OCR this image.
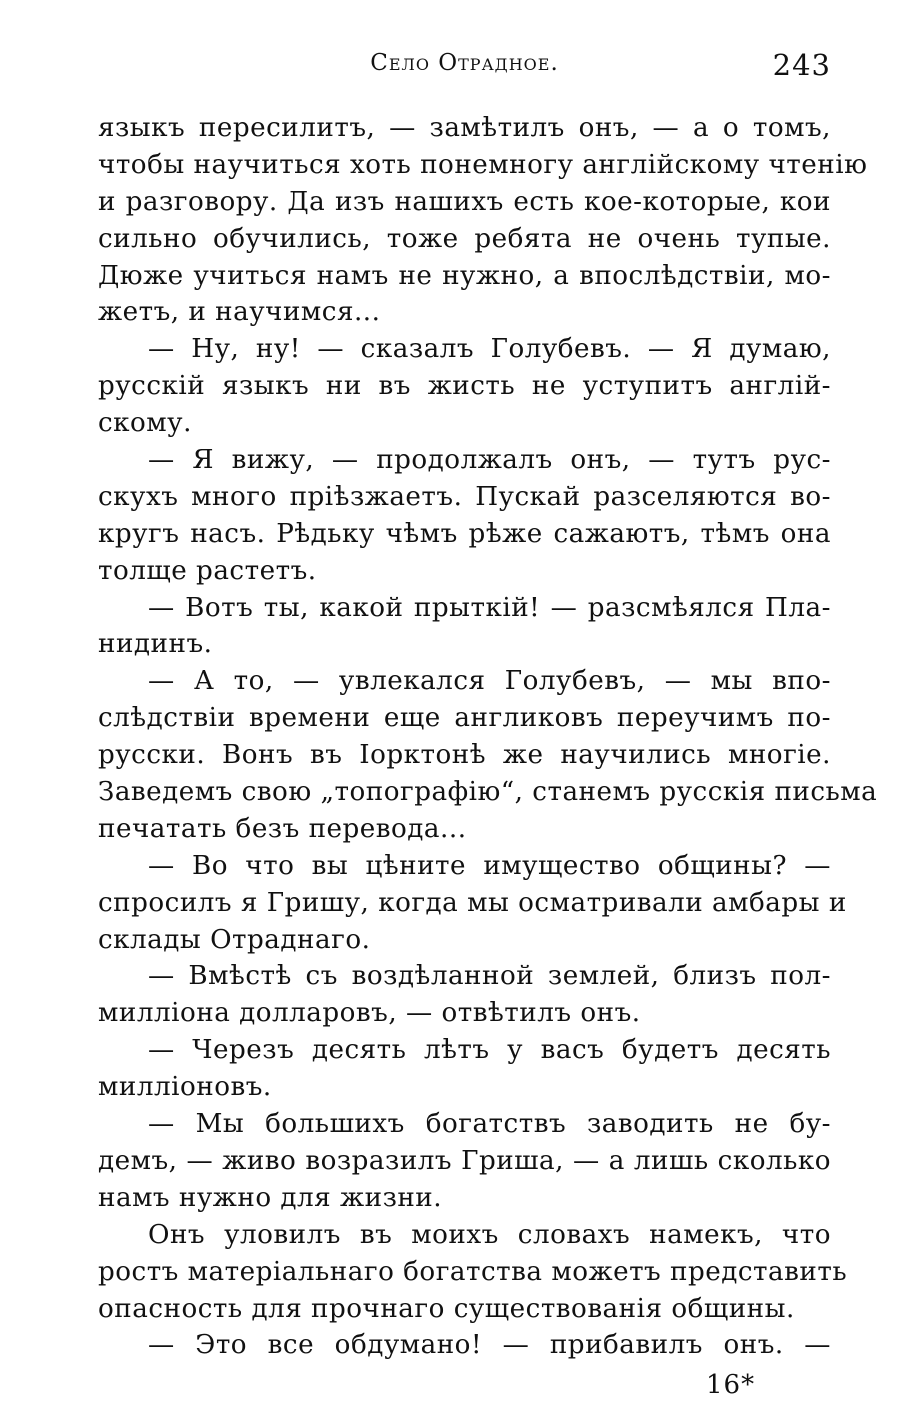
Село Отрадное.	243
языкъ пересилитъ, — замѣтилъ онъ, — а о томъ,
чтобы научиться хоть понемногу англійскому чтенію
и разговору. Да изъ нашихъ есть кое-которые, кои
сильно обучились, тоже ребята не очень тупые.
Дюже учиться намъ не нужно, а впослѣдствіи, мо-
жетъ, и научимся...
— Ну, ну! — сказалъ Голубевъ. — Я думаю,
русскій языкъ ни въ жисть не уступитъ англій-
скому.
— Я вижу, — продолжалъ онъ, — тутъ рус-
скухъ много пріѣзжаетъ. Пускай разселяются во-
кругъ насъ. Рѣдьку чѣмъ рѣже сажаютъ, тѣмъ она
толще растетъ.
— Вотъ ты, какой прыткій! — разсмѣялся Пла-
нидинъ.
— А то, — увлекался Голубевъ, — мы впо-
слѣдствіи времени еще англиковъ переучимъ по-
русски. Вонъ въ Іорктонѣ же научились многіе.
Заведемъ свою „топографію“, станемъ русскія письма
печатать безъ перевода...
— Во что вы цѣните имущество общины? —
спросилъ я Гришу, когда мы осматривали амбары и
склады Отраднаго.
— Вмѣстѣ съ воздѣланной землей, близъ пол-
милліона долларовъ, — отвѣтилъ онъ.
— Черезъ десять лѣтъ у васъ будетъ десять
милліоновъ.
— Мы большихъ богатствъ заводить не бу-
демъ, — живо возразилъ Гриша, — а лишь сколько
намъ нужно для жизни.
Онъ уловилъ въ моихъ словахъ намекъ, что
ростъ матеріальнаго богатства можетъ представить
опасность для прочнаго существованія общины.
— Это все обдумано! — прибавилъ онъ. —
16*
